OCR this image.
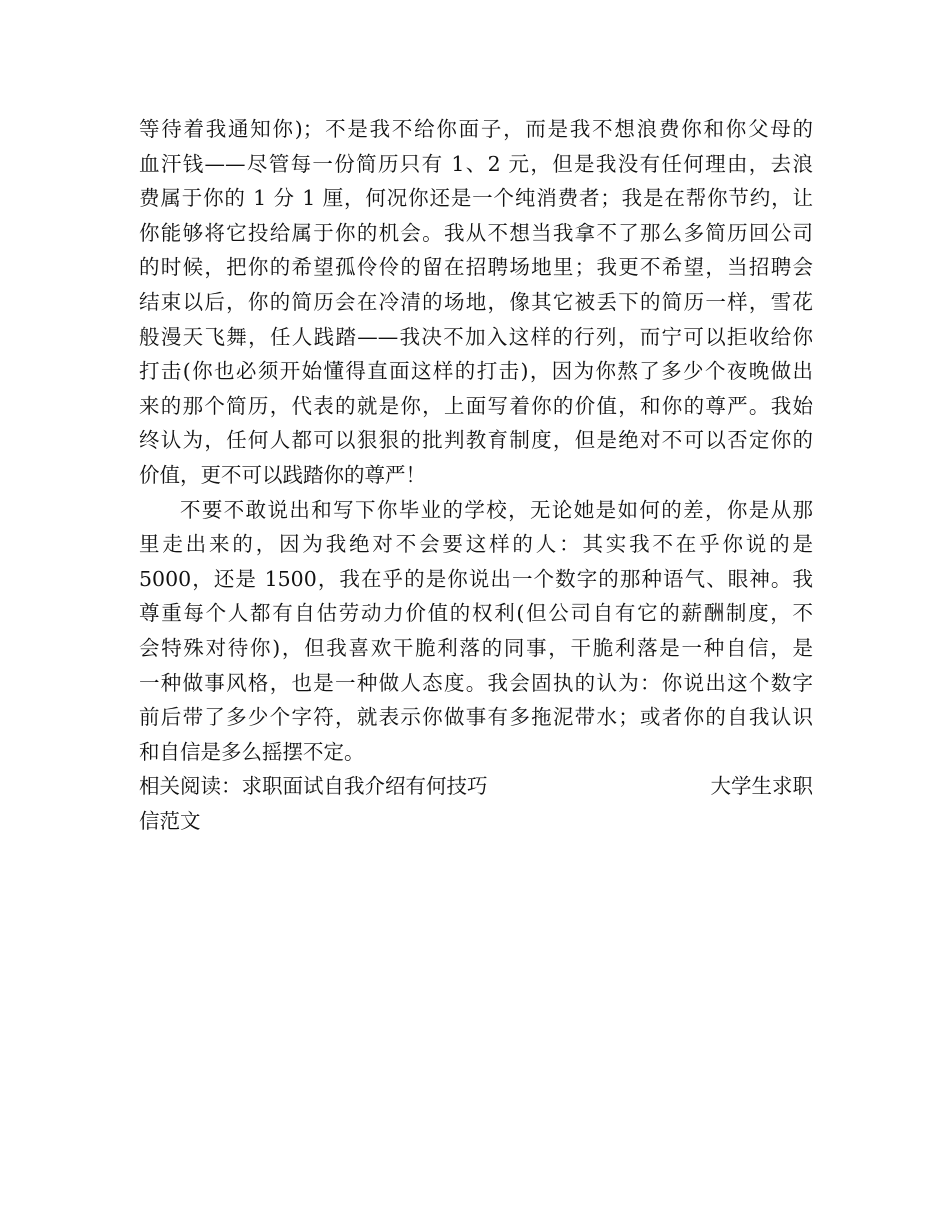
等待着我通知你)；不是我不给你面子，而是我不想浪费你和你父母的
血汗钱——尽管每一份简历只有 1、2 元，但是我没有任何理由，去浪
费属于你的 1 分 1 厘，何况你还是一个纯消费者；我是在帮你节约，让
你能够将它投给属于你的机会。我从不想当我拿不了那么多简历回公司
的时候，把你的希望孤伶伶的留在招聘场地里；我更不希望，当招聘会
结束以后，你的简历会在冷清的场地，像其它被丢下的简历一样，雪花
般漫天飞舞，任人践踏——我决不加入这样的行列，而宁可以拒收给你
打击(你也必须开始懂得直面这样的打击)，因为你熬了多少个夜晚做出
来的那个简历，代表的就是你，上面写着你的价值，和你的尊严。我始
终认为，任何人都可以狠狠的批判教育制度，但是绝对不可以否定你的
价值，更不可以践踏你的尊严！
不要不敢说出和写下你毕业的学校，无论她是如何的差，你是从那
里走出来的，因为我绝对不会要这样的人：其实我不在乎你说的是
5000，还是 1500，我在乎的是你说出一个数字的那种语气、眼神。我
尊重每个人都有自估劳动力价值的权利(但公司自有它的薪酬制度，不
会特殊对待你)，但我喜欢干脆利落的同事，干脆利落是一种自信，是
一种做事风格，也是一种做人态度。我会固执的认为：你说出这个数字
前后带了多少个字符，就表示你做事有多拖泥带水；或者你的自我认识
和自信是多么摇摆不定。
相关阅读：求职面试自我介绍有何技巧	大学生求职
信范文
